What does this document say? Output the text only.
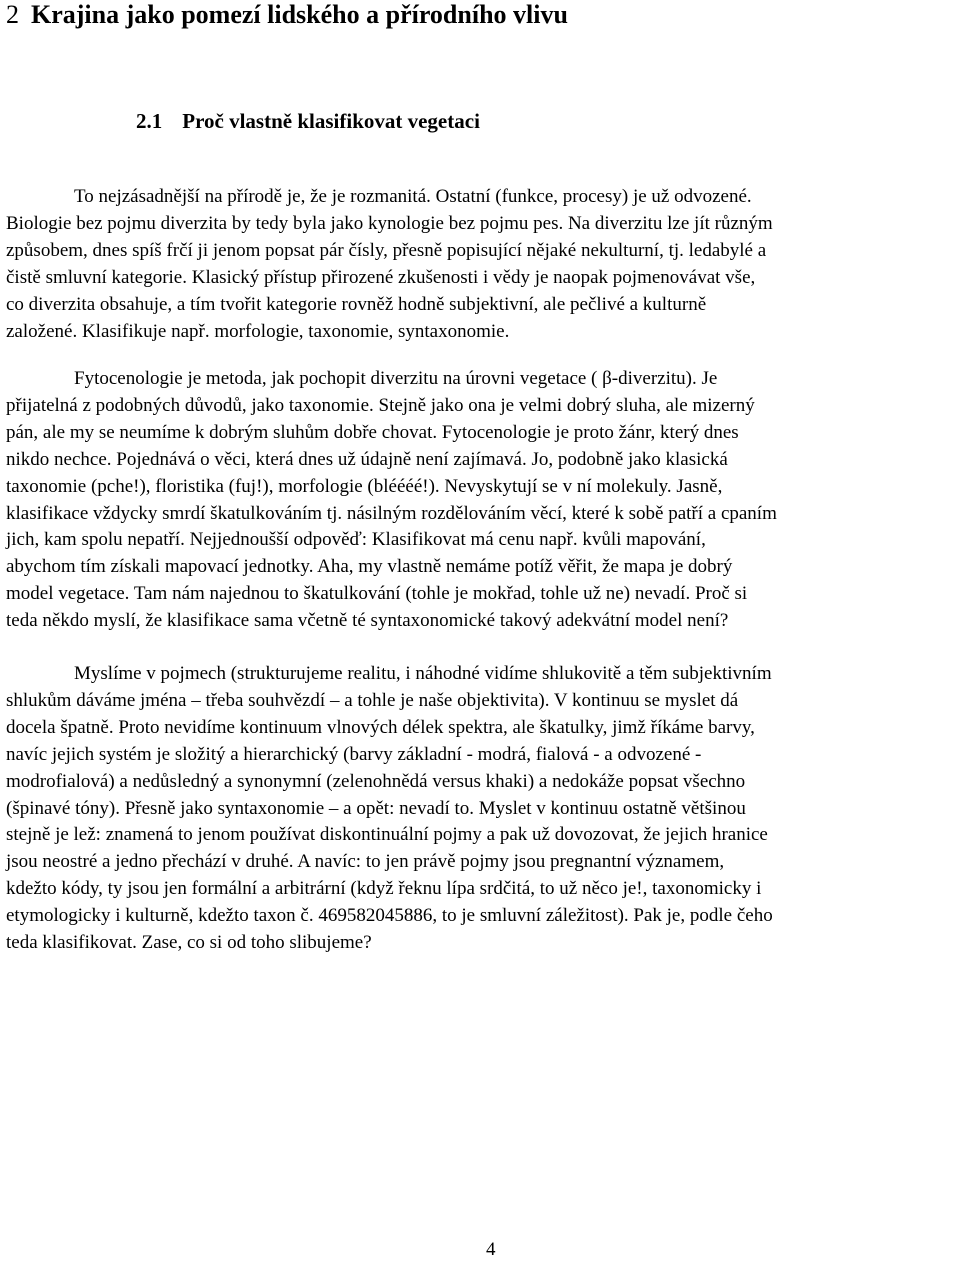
2 Krajina jako pomezí lidského a přírodního vlivu
2.1 Proč vlastně klasifikovat vegetaci

To nejzásadnější na přírodě je, že je rozmanitá. Ostatní (funkce, procesy) je už odvozené.
Biologie bez pojmu diverzita by tedy byla jako kynologie bez pojmu pes. Na diverzitu lze jít různým
způsobem, dnes spíš frčí ji jenom popsat pár čísly, přesně popisující nějaké nekulturní, tj. ledabylé a
čistě smluvní kategorie. Klasický přístup přirozené zkušenosti i vědy je naopak pojmenovávat vše,
co diverzita obsahuje, a tím tvořit kategorie rovněž hodně subjektivní, ale pečlivé a kulturně
založené. Klasifikuje např. morfologie, taxonomie, syntaxonomie.

Fytocenologie je metoda, jak pochopit diverzitu na úrovni vegetace ( β-diverzitu). Je
přijatelná z podobných důvodů, jako taxonomie. Stejně jako ona je velmi dobrý sluha, ale mizerný
pán, ale my se neumíme k dobrým sluhům dobře chovat. Fytocenologie je proto žánr, který dnes
nikdo nechce. Pojednává o věci, která dnes už údajně není zajímavá. Jo, podobně jako klasická
taxonomie (pche!), floristika (fuj!), morfologie (bléééé!). Nevyskytují se v ní molekuly. Jasně,
klasifikace vždycky smrdí škatulkováním tj. násilným rozdělováním věcí, které k sobě patří a cpaním
jich, kam spolu nepatří. Nejjednoušší odpověď: Klasifikovat má cenu např. kvůli mapování,
abychom tím získali mapovací jednotky. Aha, my vlastně nemáme potíž věřit, že mapa je dobrý
model vegetace. Tam nám najednou to škatulkování (tohle je mokřad, tohle už ne) nevadí. Proč si
teda někdo myslí, že klasifikace sama včetně té syntaxonomické takový adekvátní model není?

Myslíme v pojmech (strukturujeme realitu, i náhodné vidíme shlukovitě a těm subjektivním
shlukům dáváme jména – třeba souhvězdí – a tohle je naše objektivita). V kontinuu se myslet dá
docela špatně. Proto nevidíme kontinuum vlnových délek spektra, ale škatulky, jimž říkáme barvy,
navíc jejich systém je složitý a hierarchický (barvy základní - modrá, fialová - a odvozené -
modrofialová) a nedůsledný a synonymní (zelenohnědá versus khaki) a nedokáže popsat všechno
(špinavé tóny). Přesně jako syntaxonomie – a opět: nevadí to. Myslet v kontinuu ostatně většinou
stejně je lež: znamená to jenom používat diskontinuální pojmy a pak už dovozovat, že jejich hranice
jsou neostré a jedno přechází v druhé. A navíc: to jen právě pojmy jsou pregnantní významem,
kdežto kódy, ty jsou jen formální a arbitrární (když řeknu lípa srdčitá, to už něco je!, taxonomicky i
etymologicky i kulturně, kdežto taxon č. 469582045886, to je smluvní záležitost). Pak je, podle čeho
teda klasifikovat. Zase, co si od toho slibujeme?

4
